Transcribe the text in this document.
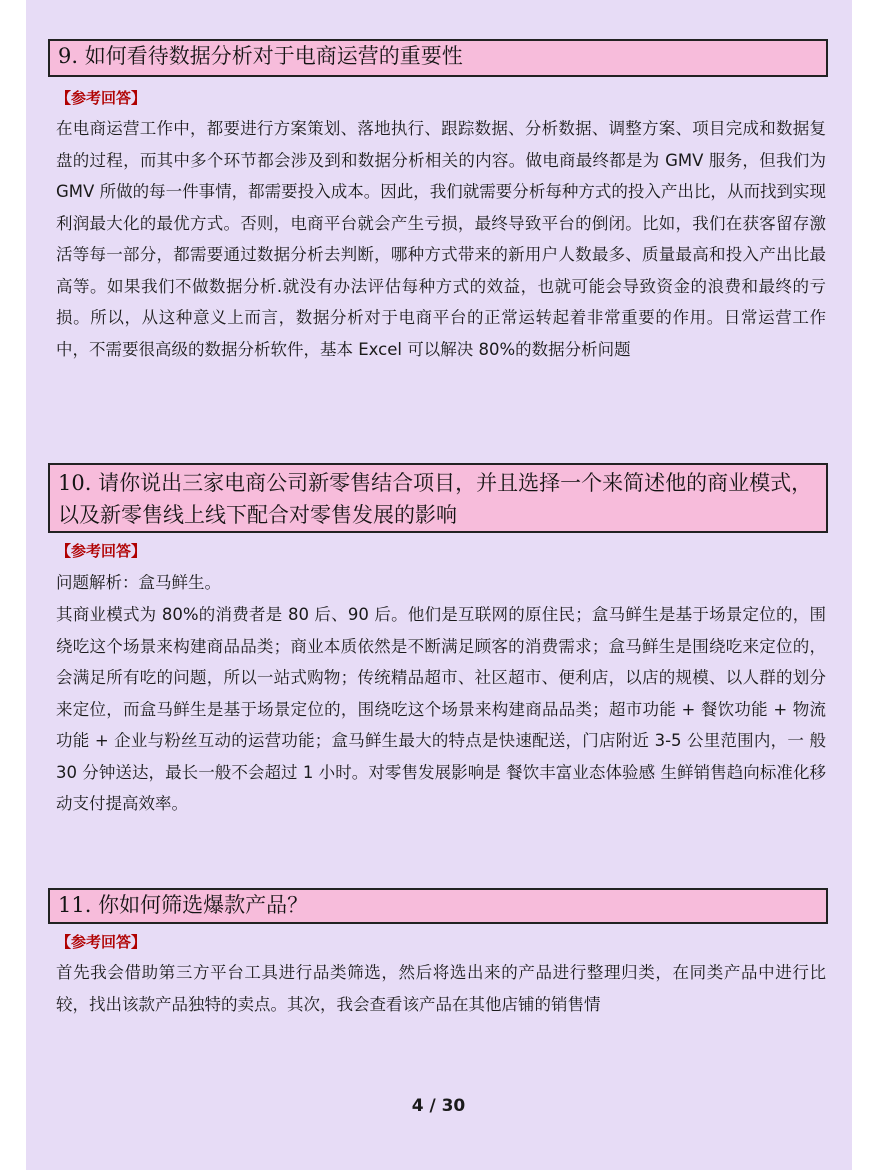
9. 如何看待数据分析对于电商运营的重要性
【参考回答】

在电商运营工作中，都要进行方案策划、落地执行、跟踪数据、分析数据、调整方案、项目完成和数据复盘的过程，而其中多个环节都会涉及到和数据分析相关的内容。做电商最终都是为 GMV 服务，但我们为 GMV 所做的每一件事情，都需要投入成本。因此，我们就需要分析每种方式的投入产出比，从而找到实现利润最大化的最优方式。否则，电商平台就会产生亏损，最终导致平台的倒闭。比如，我们在获客留存激活等每一部分，都需要通过数据分析去判断，哪种方式带来的新用户人数最多、质量最高和投入产出比最高等。如果我们不做数据分析.就没有办法评估每种方式的效益，也就可能会导致资金的浪费和最终的亏损。所以，从这种意义上而言，数据分析对于电商平台的正常运转起着非常重要的作用。日常运营工作中，不需要很高级的数据分析软件，基本 Excel 可以解决 80%的数据分析问题

10. 请你说出三家电商公司新零售结合项目，并且选择一个来简述他的商业模式，以及新零售线上线下配合对零售发展的影响
【参考回答】

问题解析：盒马鲜生。

其商业模式为 80%的消费者是 80 后、90 后。他们是互联网的原住民；盒马鲜生是基于场景定位的，围绕吃这个场景来构建商品品类；商业本质依然是不断满足顾客的消费需求；盒马鲜生是围绕吃来定位的，会满足所有吃的问题，所以一站式购物；传统精品超市、社区超市、便利店，以店的规模、以人群的划分来定位，而盒马鲜生是基于场景定位的，围绕吃这个场景来构建商品品类；超市功能 + 餐饮功能 + 物流功能 + 企业与粉丝互动的运营功能；盒马鲜生最大的特点是快速配送，门店附近 3-5 公里范围内，一 般 30 分钟送达，最长一般不会超过 1 小时。对零售发展影响是 餐饮丰富业态体验感 生鲜销售趋向标准化移动支付提高效率。

11. 你如何筛选爆款产品？
【参考回答】

首先我会借助第三方平台工具进行品类筛选，然后将选出来的产品进行整理归类，在同类产品中进行比较，找出该款产品独特的卖点。其次，我会查看该产品在其他店铺的销售情

4 / 30
